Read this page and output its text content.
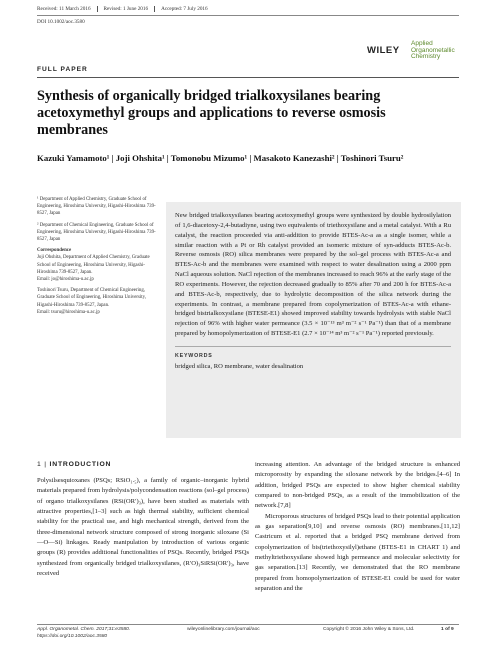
Received: 11 March 2016	Revised: 1 June 2016	Accepted: 7 July 2016
DOI 10.1002/aoc.3580
WILEY
Applied
Organometallic
Chemistry
FULL PAPER
Synthesis of organically bridged trialkoxysilanes bearing acetoxymethyl groups and applications to reverse osmosis membranes
Kazuki Yamamoto¹ | Joji Ohshita¹ | Tomonobu Mizumo¹ | Masakoto Kanezashi² | Toshinori Tsuru²

¹ Department of Applied Chemistry, Graduate School of Engineering, Hiroshima University, Higashi-Hiroshima 739-8527, Japan

² Department of Chemical Engineering, Graduate School of Engineering, Hiroshima University, Higashi-Hiroshima 739-8527, Japan

Correspondence

Joji Ohshita, Department of Applied Chemistry, Graduate School of Engineering, Hiroshima University, Higashi-Hiroshima 739-8527, Japan.

Email: jo@hiroshima-u.ac.jp

Toshinori Tsuru, Department of Chemical Engineering, Graduate School of Engineering, Hiroshima University, Higashi-Hiroshima 739-8527, Japan.

Email: tsuru@hiroshima-u.ac.jp

New bridged trialkoxysilanes bearing acetoxymethyl groups were synthesized by double hydrosilylation of 1,6-diacetoxy-2,4-butadiyne, using two equivalents of triethoxysilane and a metal catalyst. With a Ru catalyst, the reaction proceeded via anti-addition to provide BTES-Ac-a as a single isomer, while a similar reaction with a Pt or Rh catalyst provided an isomeric mixture of syn-adducts BTES-Ac-b. Reverse osmosis (RO) silica membranes were prepared by the sol–gel process with BTES-Ac-a and BTES-Ac-b and the membranes were examined with respect to water desalination using a 2000 ppm NaCl aqueous solution. NaCl rejection of the membranes increased to reach 96% at the early stage of the RO experiments. However, the rejection decreased gradually to 85% after 70 and 200 h for BTES-Ac-a and BTES-Ac-b, respectively, due to hydrolytic decomposition of the silica network during the experiments. In contrast, a membrane prepared from copolymerization of BTES-Ac-a with ethane-bridged bistrialkoxysilane (BTESE-E1) showed improved stability towards hydrolysis with stable NaCl rejection of 96% with higher water permeance (3.5 × 10⁻¹³ m³ m⁻² s⁻¹ Pa⁻¹) than that of a membrane prepared by homopolymerization of BTESE-E1 (2.7 × 10⁻¹⁴ m³ m⁻² s⁻¹ Pa⁻¹) reported previously.

KEYWORDS
bridged silica, RO membrane, water desalination
1 | INTRODUCTION

Polysilsesquioxanes (PSQs; RSiO₁.₅), a family of organic–inorganic hybrid materials prepared from hydrolysis/polycondensation reactions (sol–gel process) of organo trialkoxysilanes (RSi(OR′)₃), have been studied as materials with attractive properties,[1–3] such as high thermal stability, sufficient chemical stability for the practical use, and high mechanical strength, derived from the three-dimensional network structure composed of strong inorganic siloxane (Si—O—Si) linkages. Ready manipulation by introduction of various organic groups (R) provides additional functionalities of PSQs. Recently, bridged PSQs synthesized from organically bridged trialkoxysilanes, (R′O)₃SiRSi(OR′)₃, have received

increasing attention. An advantage of the bridged structure is enhanced microporosity by expanding the siloxane network by the bridges.[4–6] In addition, bridged PSQs are expected to show higher chemical stability compared to non-bridged PSQs, as a result of the immobilization of the network.[7,8]

Microporous structures of bridged PSQs lead to their potential application as gas separation[9,10] and reverse osmosis (RO) membranes.[11,12] Castricum et al. reported that a bridged PSQ membrane derived from copolymerization of bis(triethoxysilyl)ethane (BTES-E1 in CHART 1) and methyltriethoxysilane showed high permeance and molecular selectivity for gas separation.[13] Recently, we demonstrated that the RO membrane prepared from homopolymerization of BTESE-E1 could be used for water separation and the

Appl. Organometal. Chem. 2017;31:e3580. https://doi.org/10.1002/aoc.3580
wileyonlinelibrary.com/journal/aoc	Copyright © 2016 John Wiley & Sons, Ltd.	1 of 9
